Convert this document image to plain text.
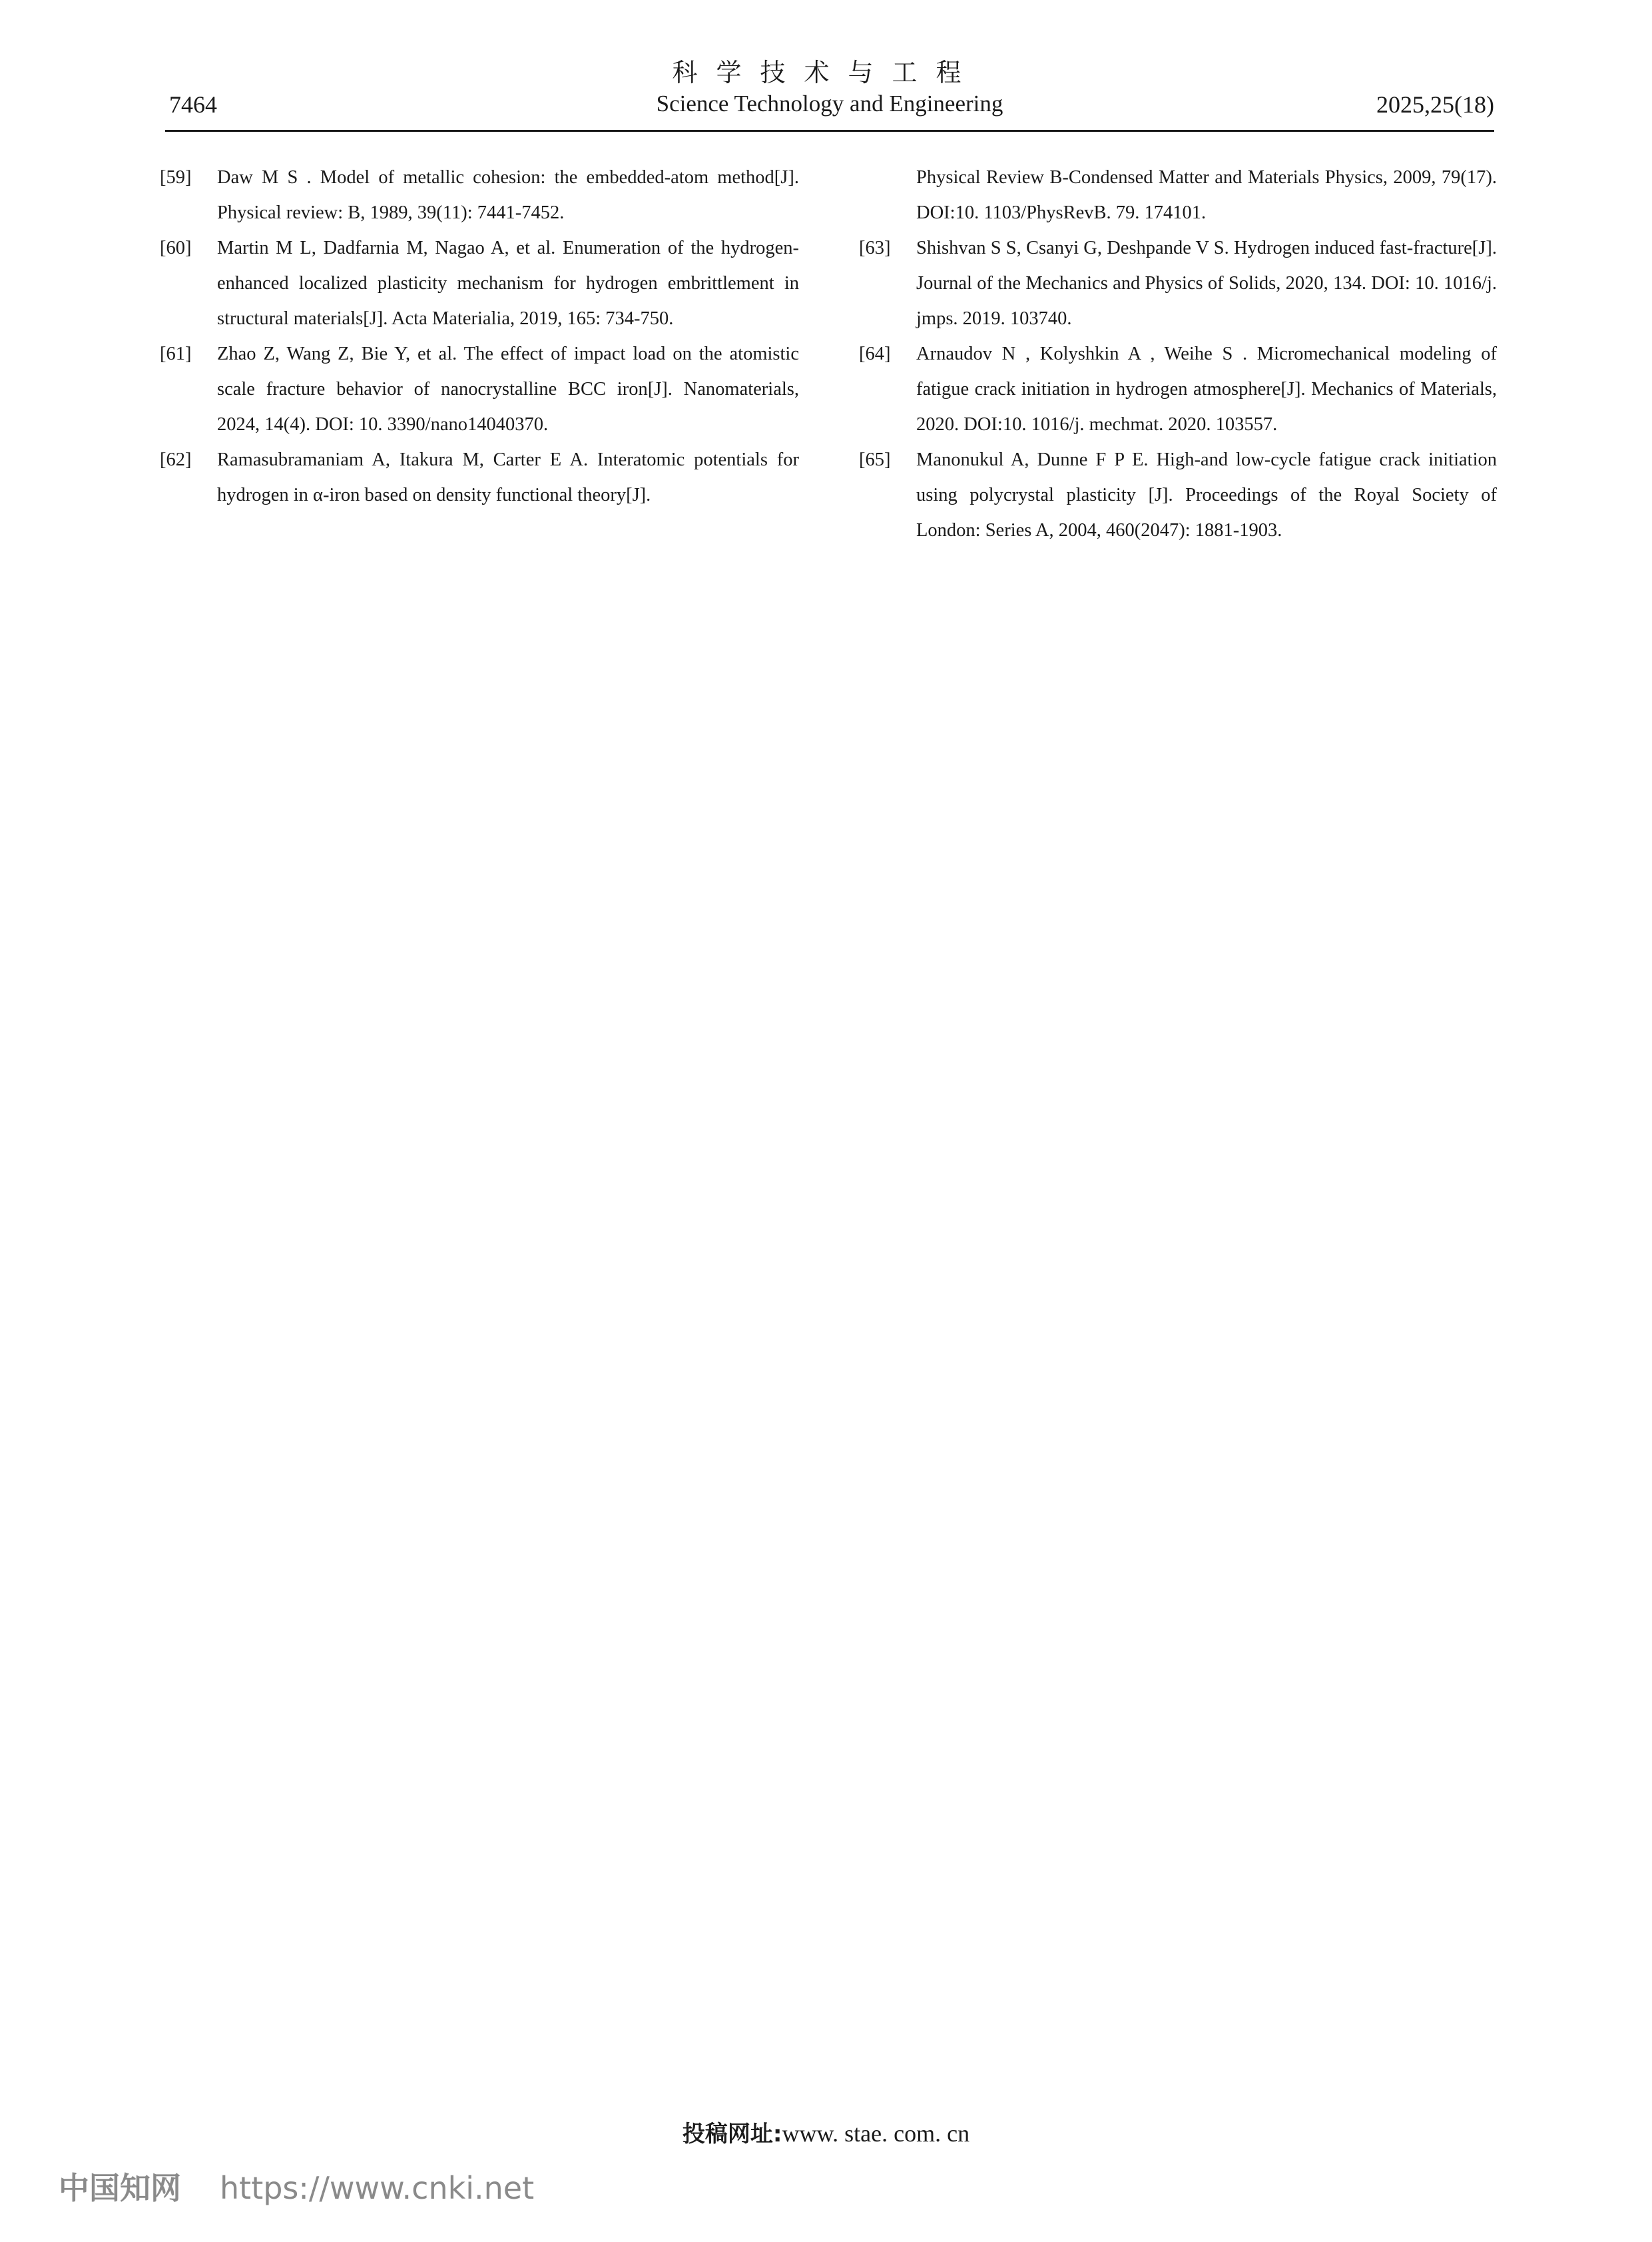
科学技术与工程
7464	Science Technology and Engineering	2025,25(18)
[59] Daw M S . Model of metallic cohesion: the embedded-atom method[J]. Physical review: B, 1989, 39(11): 7441-7452.
[60] Martin M L, Dadfarnia M, Nagao A, et al. Enumeration of the hydrogen-enhanced localized plasticity mechanism for hydrogen embrittlement in structural materials[J]. Acta Materialia, 2019, 165: 734-750.
[61] Zhao Z, Wang Z, Bie Y, et al. The effect of impact load on the atomistic scale fracture behavior of nanocrystalline BCC iron[J]. Nanomaterials, 2024, 14(4). DOI: 10. 3390/nano14040370.
[62] Ramasubramaniam A, Itakura M, Carter E A. Interatomic potentials for hydrogen in α-iron based on density functional theory[J].
Physical Review B-Condensed Matter and Materials Physics, 2009, 79(17). DOI:10. 1103/PhysRevB. 79. 174101.
[63] Shishvan S S, Csanyi G, Deshpande V S. Hydrogen induced fast-fracture[J]. Journal of the Mechanics and Physics of Solids, 2020, 134. DOI: 10. 1016/j. jmps. 2019. 103740.
[64] Arnaudov N , Kolyshkin A , Weihe S . Micromechanical modeling of fatigue crack initiation in hydrogen atmosphere[J]. Mechanics of Materials, 2020. DOI:10. 1016/j. mechmat. 2020. 103557.
[65] Manonukul A, Dunne F P E. High-and low-cycle fatigue crack initiation using polycrystal plasticity [J]. Proceedings of the Royal Society of London: Series A, 2004, 460(2047): 1881-1903.
投稿网址:www. stae. com. cn
中国知网 https://www.cnki.net
